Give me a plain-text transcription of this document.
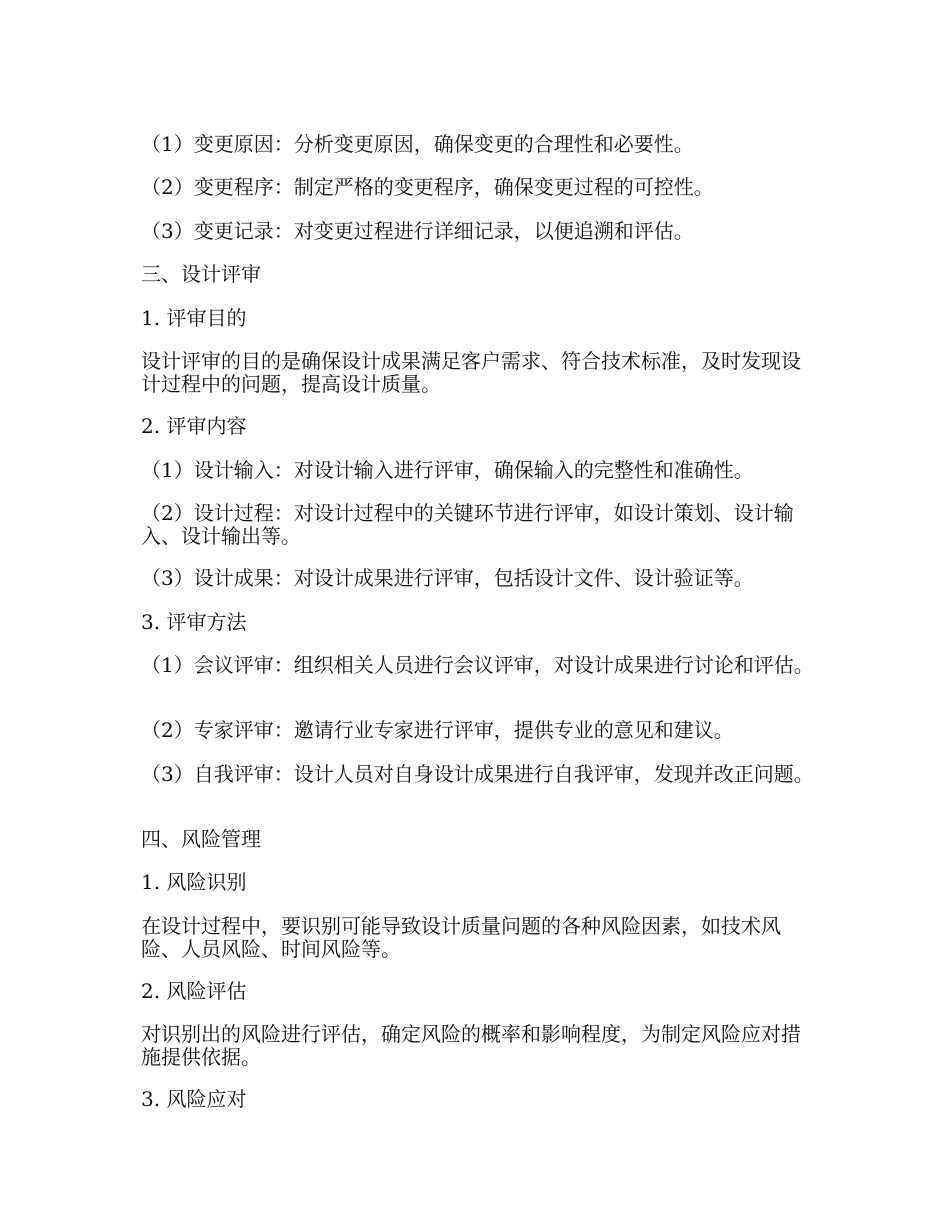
（1）变更原因：分析变更原因，确保变更的合理性和必要性。

（2）变更程序：制定严格的变更程序，确保变更过程的可控性。

（3）变更记录：对变更过程进行详细记录，以便追溯和评估。

三、设计评审

1. 评审目的

设计评审的目的是确保设计成果满足客户需求、符合技术标准，及时发现设计过程中的问题，提高设计质量。

2. 评审内容

（1）设计输入：对设计输入进行评审，确保输入的完整性和准确性。

（2）设计过程：对设计过程中的关键环节进行评审，如设计策划、设计输入、设计输出等。

（3）设计成果：对设计成果进行评审，包括设计文件、设计验证等。

3. 评审方法

（1）会议评审：组织相关人员进行会议评审，对设计成果进行讨论和评估。

（2）专家评审：邀请行业专家进行评审，提供专业的意见和建议。

（3）自我评审：设计人员对自身设计成果进行自我评审，发现并改正问题。

四、风险管理

1. 风险识别

在设计过程中，要识别可能导致设计质量问题的各种风险因素，如技术风险、人员风险、时间风险等。

2. 风险评估

对识别出的风险进行评估，确定风险的概率和影响程度，为制定风险应对措施提供依据。

3. 风险应对
